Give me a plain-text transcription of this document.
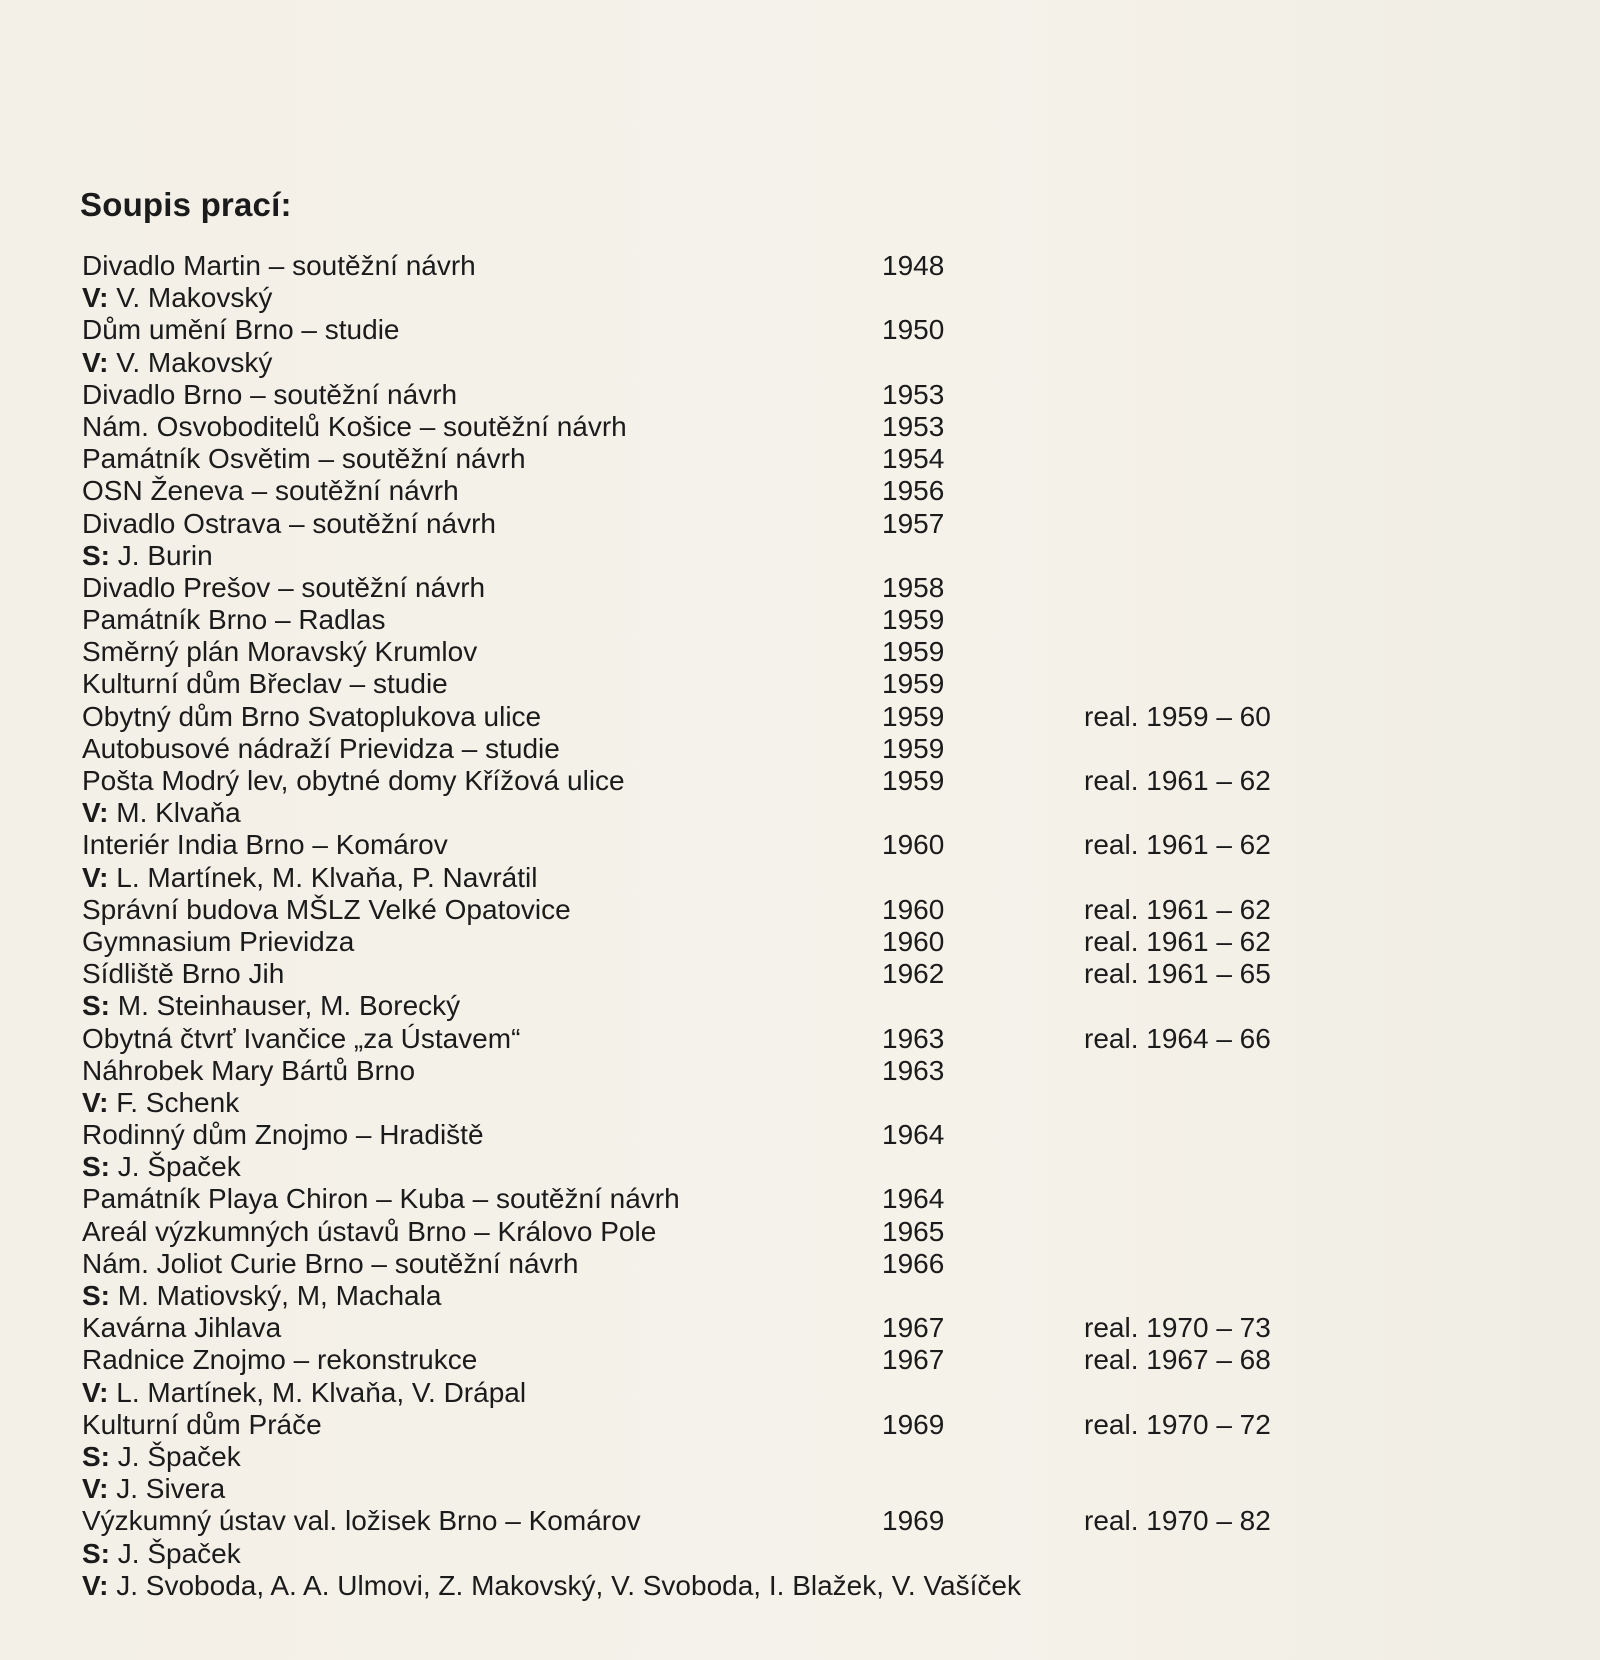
Soupis prací:
Divadlo Martin – soutěžní návrh	1948
V: V. Makovský
Dům umění Brno – studie	1950
V: V. Makovský
Divadlo Brno – soutěžní návrh	1953
Nám. Osvoboditelů Košice – soutěžní návrh	1953
Památník Osvětim – soutěžní návrh	1954
OSN Ženeva – soutěžní návrh	1956
Divadlo Ostrava – soutěžní návrh	1957
S: J. Burin
Divadlo Prešov – soutěžní návrh	1958
Památník Brno – Radlas	1959
Směrný plán Moravský Krumlov	1959
Kulturní dům Břeclav – studie	1959
Obytný dům Brno Svatoplukova ulice	1959	real. 1959 – 60
Autobusové nádraží Prievidza – studie	1959
Pošta Modrý lev, obytné domy Křížová ulice	1959	real. 1961 – 62
V: M. Klvaňa
Interiér India Brno – Komárov	1960	real. 1961 – 62
V: L. Martínek, M. Klvaňa, P. Navrátil
Správní budova MŠLZ Velké Opatovice	1960	real. 1961 – 62
Gymnasium Prievidza	1960	real. 1961 – 62
Sídliště Brno Jih	1962	real. 1961 – 65
S: M. Steinhauser, M. Borecký
Obytná čtvrť Ivančice „za Ústavem“	1963	real. 1964 – 66
Náhrobek Mary Bártů Brno	1963
V: F. Schenk
Rodinný dům Znojmo – Hradiště	1964
S: J. Špaček
Památník Playa Chiron – Kuba – soutěžní návrh	1964
Areál výzkumných ústavů Brno – Královo Pole	1965
Nám. Joliot Curie Brno – soutěžní návrh	1966
S: M. Matiovský, M, Machala
Kavárna Jihlava	1967	real. 1970 – 73
Radnice Znojmo – rekonstrukce	1967	real. 1967 – 68
V: L. Martínek, M. Klvaňa, V. Drápal
Kulturní dům Práče	1969	real. 1970 – 72
S: J. Špaček
V: J. Sivera
Výzkumný ústav val. ložisek Brno – Komárov	1969	real. 1970 – 82
S: J. Špaček
V: J. Svoboda, A. A. Ulmovi, Z. Makovský, V. Svoboda, I. Blažek, V. Vašíček
